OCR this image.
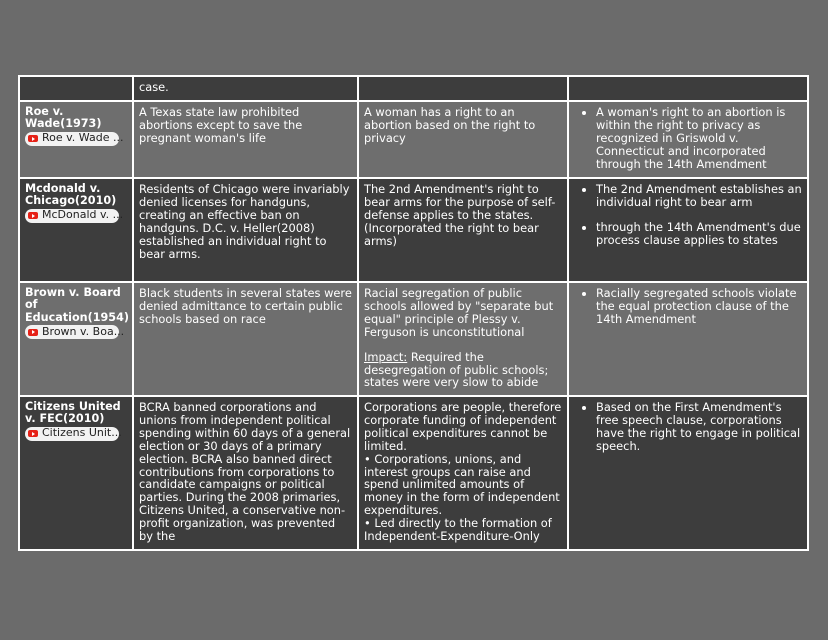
case.
Roe v. Wade(1973)
Roe v. Wade ...
A Texas state law prohibited abortions except to save the pregnant woman's life
A woman has a right to an abortion based on the right to privacy
• A woman's right to an abortion is within the right to privacy as recognized in Griswold v. Connecticut and incorporated through the 14th Amendment
Mcdonald v. Chicago(2010)
McDonald v. ...
Residents of Chicago were invariably denied licenses for handguns, creating an effective ban on handguns. D.C. v. Heller(2008) established an individual right to bear arms.
The 2nd Amendment's right to bear arms for the purpose of self-defense applies to the states. (Incorporated the right to bear arms)
• The 2nd Amendment establishes an individual right to bear arm
• through the 14th Amendment's due process clause applies to states
Brown v. Board of Education(1954)
Brown v. Boa...
Black students in several states were denied admittance to certain public schools based on race
Racial segregation of public schools allowed by "separate but equal" principle of Plessy v. Ferguson is unconstitutional
Impact: Required the desegregation of public schools; states were very slow to abide
• Racially segregated schools violate the equal protection clause of the 14th Amendment
Citizens United v. FEC(2010)
Citizens Unit...
BCRA banned corporations and unions from independent political spending within 60 days of a general election or 30 days of a primary election. BCRA also banned direct contributions from corporations to candidate campaigns or political parties. During the 2008 primaries, Citizens United, a conservative non-profit organization, was prevented by the
Corporations are people, therefore corporate funding of independent political expenditures cannot be limited.
• Corporations, unions, and interest groups can raise and spend unlimited amounts of money in the form of independent expenditures.
• Led directly to the formation of Independent-Expenditure-Only
• Based on the First Amendment's free speech clause, corporations have the right to engage in political speech.
